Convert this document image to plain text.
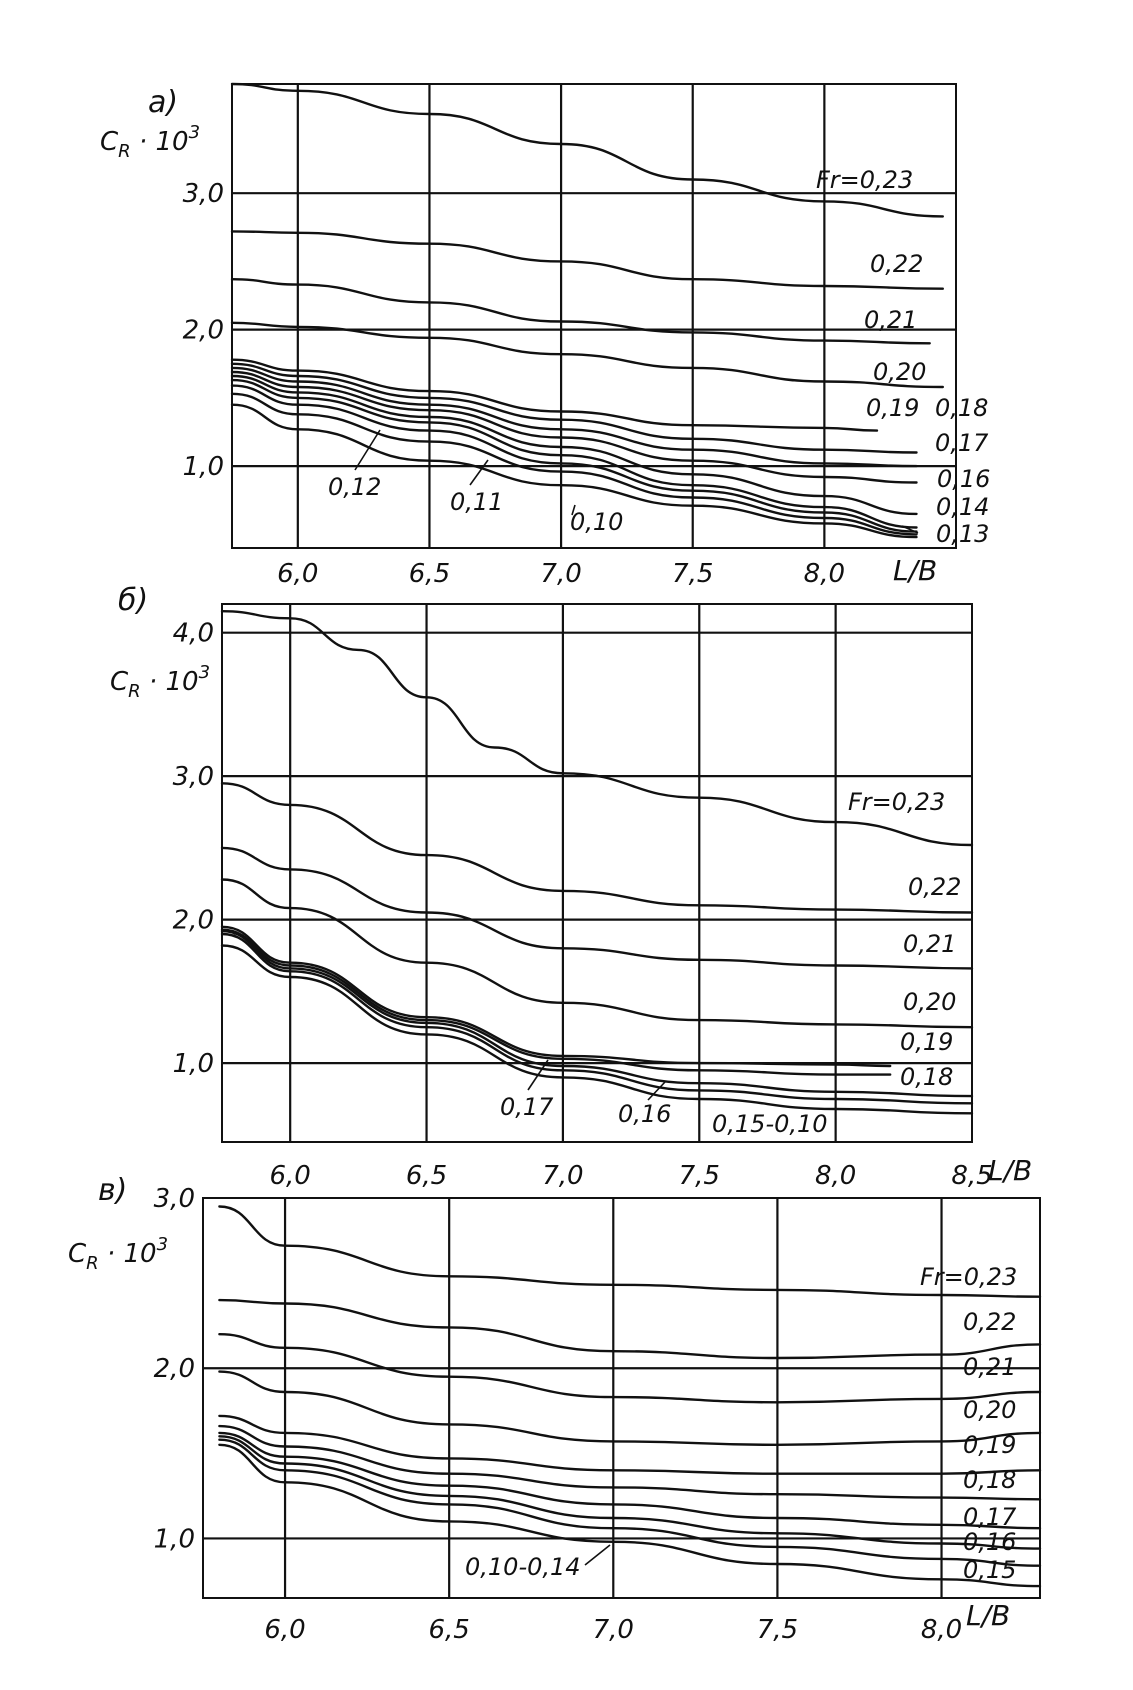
6,0	6,5	7,0	7,5	8,0
1,0
2,0
3,0
а)
$C_R \cdot 10^3$
L/B
Fr=0,23
0,22
0,21
0,20
0,19 0,18
0,17
0,16
0,14
0,13
0,12
0,11
0,10
6,0	6,5	7,0	7,5	8,0	8,5
1,0
2,0
3,0
4,0
б)
$C_R \cdot 10^3$
L/B
Fr=0,23
0,22
0,21
0,20
0,19
0,18
0,17	0,16 0,15-0,10
6,0	6,5	7,0	7,5	8,0
1,0
2,0
3,0
в)
$C_R \cdot 10^3$
L/B
Fr=0,23
0,22
0,21
0,20
0,19
0,18
0,17
0,16
0,15
0,10-0,14
